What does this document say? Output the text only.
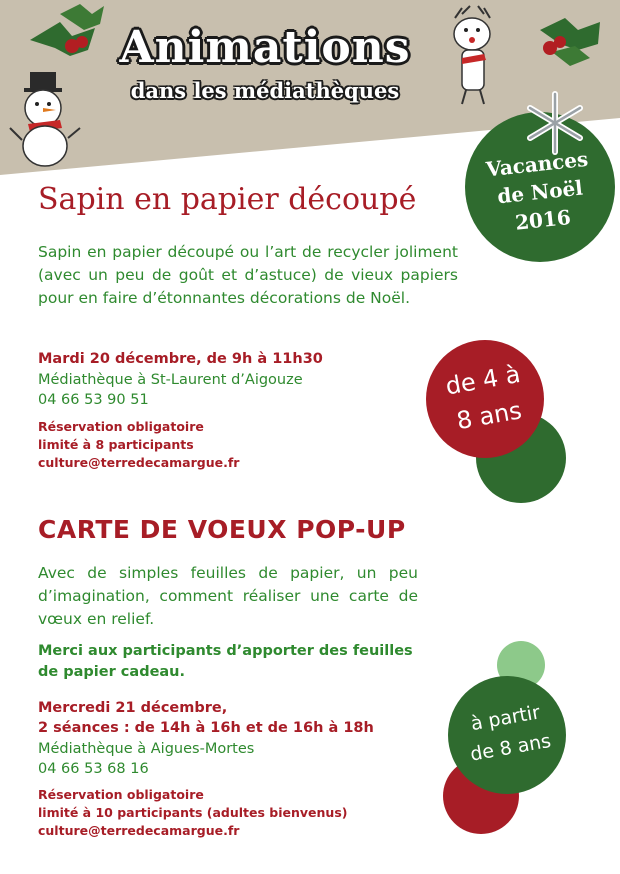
Animations
dans les médiathèques
Vacances
de Noël
2016
Sapin en papier découpé
Sapin en papier découpé ou l’art de recycler joliment (avec un peu de goût et d’astuce) de vieux papiers pour en faire d’étonnantes décorations de Noël.
Mardi 20 décembre, de 9h à 11h30
Médiathèque à St-Laurent d’Aigouze
04 66 53 90 51
Réservation obligatoire
limité à 8 participants
culture@terredecamargue.fr
de 4 à
8 ans
CARTE DE VOEUX POP-UP
Avec de simples feuilles de papier, un peu d’imagination, comment réaliser une carte de vœux en relief.
Merci aux participants d’apporter des feuilles de papier cadeau.
Mercredi 21 décembre,
2 séances : de 14h à 16h et de 16h à 18h
Médiathèque à Aigues-Mortes
04 66 53 68 16
Réservation obligatoire
limité à 10 participants (adultes bienvenus)
culture@terredecamargue.fr
à partir
de 8 ans
